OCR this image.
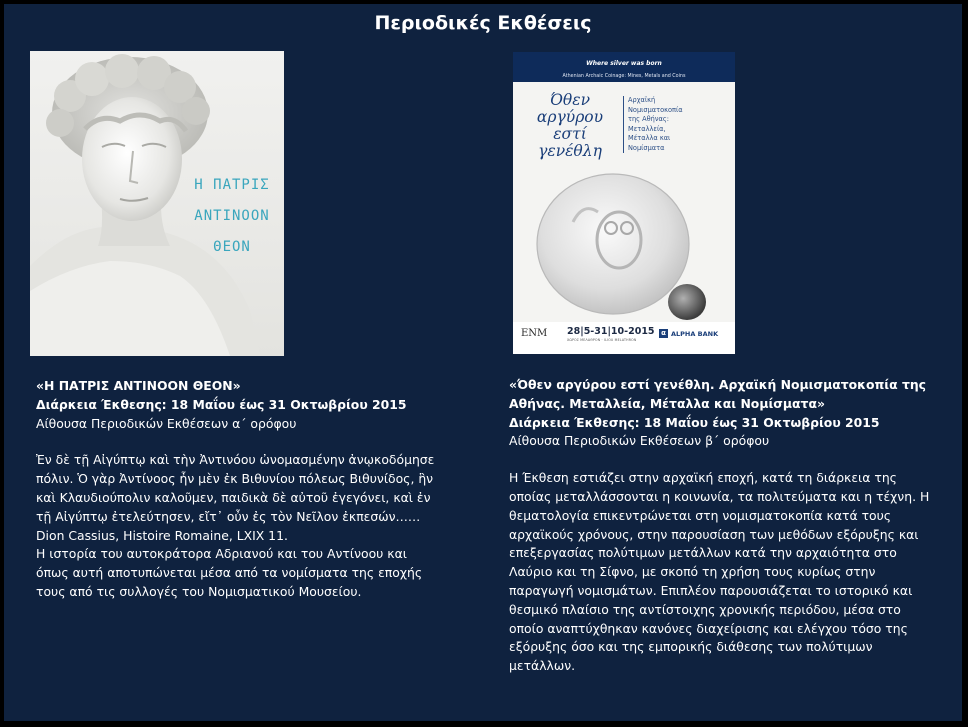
Περιοδικές Εκθέσεις
Η ΠΑΤΡΙΣ
ΑΝΤΙΝΟΟΝ
ΘΕΟΝ
Where silver was born
Athenian Archaic Coinage: Mines, Metals and Coins
Όθεν
αργύρου
εστί
γενέθλη
Αρχαϊκή
Νομισματοκοπία
της Αθήνας:
Μεταλλεία,
Μέταλλα και
Νομίσματα
ENM 28|5-31|10-2015
ΧΩΡΟΣ ΜΕΛΑΘΡΟΝ · ILIOU MELATHRON
α ALPHA BANK

«Η ΠΑΤΡΙΣ ΑΝΤΙΝΟΟΝ ΘΕΟΝ»

Διάρκεια Έκθεσης: 18 Μαΐου έως 31 Οκτωβρίου 2015

Αίθουσα Περιοδικών Εκθέσεων α΄ ορόφου

Ἐν δὲ τῇ Αἰγύπτῳ καὶ τὴν Ἀντινόου ὠνομασμένην ἀνῳκοδόμησε πόλιν. Ὁ γὰρ Ἀντίνοος ἦν μὲν ἐκ Βιθυνίου πόλεως Βιθυνίδος, ἣν καὶ Κλαυδιούπολιν καλοῦμεν, παιδικὰ δὲ αὐτοῦ ἐγεγόνει, καὶ ἐν τῇ Αἰγύπτῳ ἐτελεύτησεν, εἴτ᾽ οὖν ἐς τὸν Νεῖλον ἐκπεσών……Dion Cassius, Histoire Romaine, LXIX 11.

Η ιστορία του αυτοκράτορα Αδριανού και του Αντίνοου και όπως αυτή αποτυπώνεται μέσα από τα νομίσματα της εποχής τους από τις συλλογές του Νομισματικού Μουσείου.

«Όθεν αργύρου εστί γενέθλη. Αρχαϊκή Νομισματοκοπία της
Αθήνας. Μεταλλεία, Μέταλλα και Νομίσματα»

Διάρκεια Έκθεσης: 18 Μαΐου έως 31 Οκτωβρίου 2015

Αίθουσα Περιοδικών Εκθέσεων β΄ ορόφου

Η Έκθεση εστιάζει στην αρχαϊκή εποχή, κατά τη διάρκεια της οποίας μεταλλάσσονται η κοινωνία, τα πολιτεύματα και η τέχνη. Η θεματολογία επικεντρώνεται στη νομισματοκοπία κατά τους αρχαϊκούς χρόνους, στην παρουσίαση των μεθόδων εξόρυξης και επεξεργασίας πολύτιμων μετάλλων κατά την αρχαιότητα στο Λαύριο και τη Σίφνο, με σκοπό τη χρήση τους κυρίως στην παραγωγή νομισμάτων. Επιπλέον παρουσιάζεται το ιστορικό και θεσμικό πλαίσιο της αντίστοιχης χρονικής περιόδου, μέσα στο οποίο αναπτύχθηκαν κανόνες διαχείρισης και ελέγχου τόσο της εξόρυξης όσο και της εμπορικής διάθεσης των πολύτιμων μετάλλων.
